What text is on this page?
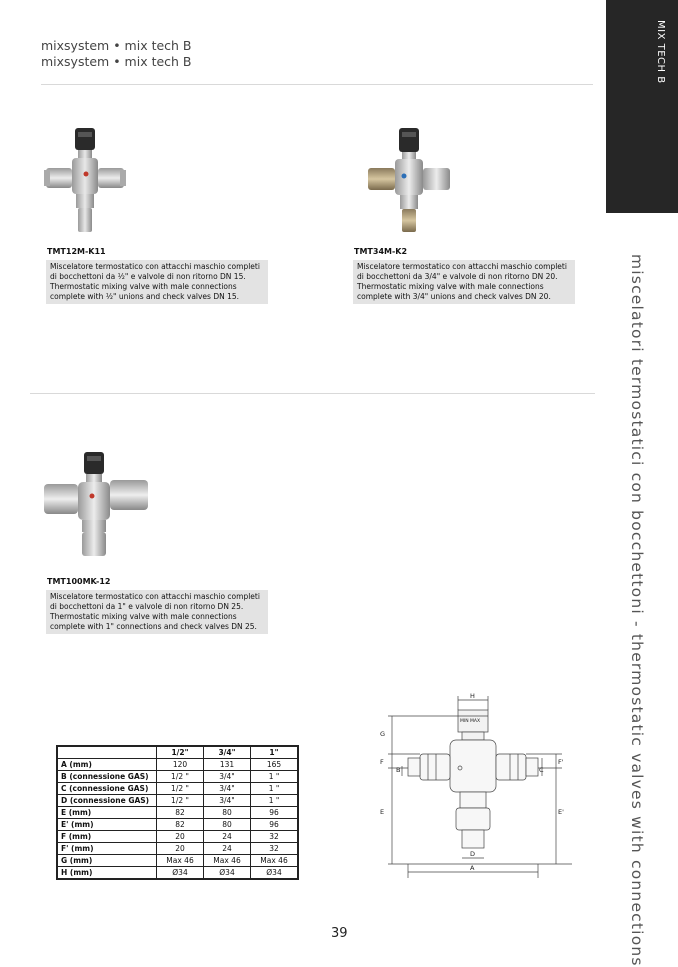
mixsystem • mix tech B
mixsystem • mix tech B	MIX TECH B
miscelatori termostatici con bocchettoni - thermostatic valves with connections
TMT12M-K11
Miscelatore termostatico con attacchi maschio completi
di bocchettoni da ½" e valvole di non ritorno DN 15.
Thermostatic mixing valve with male connections
complete with ½" unions and check valves DN 15.
TMT34M-K2
Miscelatore termostatico con attacchi maschio completi
di bocchettoni da 3/4" e valvole di non ritorno DN 20.
Thermostatic mixing valve with male connections
complete with 3/4" unions and check valves DN 20.
TMT100MK-12
Miscelatore termostatico con attacchi maschio completi
di bocchettoni da 1" e valvole di non ritorno DN 25.
Thermostatic mixing valve with male connections
complete with 1" connections and check valves DN 25.
	1/2"	3/4"	1"
A (mm)	120	131	165
B (connessione GAS)	1/2 "	3/4"	1 "
C (connessione GAS)	1/2 "	3/4"	1 "
D (connessione GAS)	1/2 "	3/4"	1 "
E (mm)	82	80	96
E' (mm)	82	80	96
F (mm)	20	24	32
F' (mm)	20	24	32
G (mm)	Max 46	Max 46	Max 46
H (mm)	Ø34	Ø34	Ø34
H
G
F
B
E
C
F'
E'
D
A
MIN MAX
39
